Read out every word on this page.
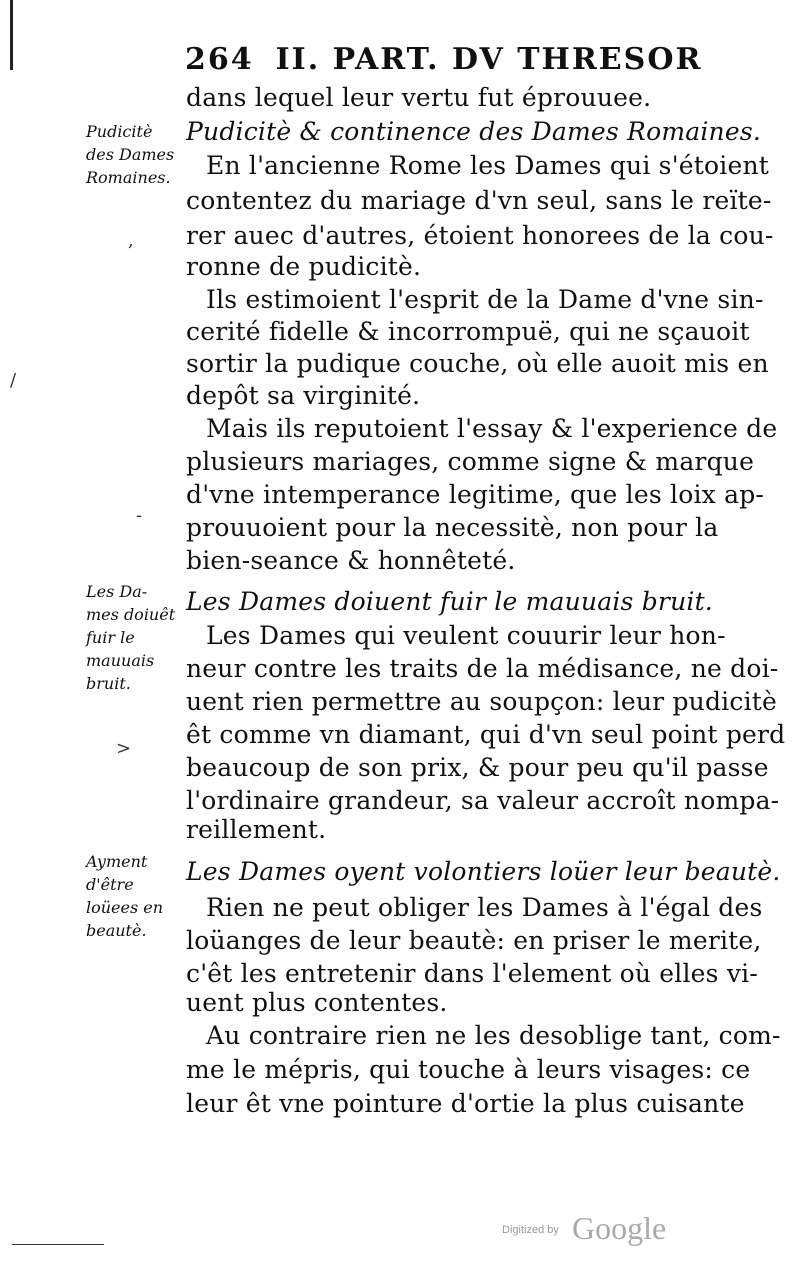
264 II. PART. DV THRESOR
dans lequel leur vertu fut éprouuee.
Pudicitè & continence des Dames Romaines.
En l'ancienne Rome les Dames qui s'étoient
contentez du mariage d'vn seul, sans le reïte-
rer auec d'autres, étoient honorees de la cou-
ronne de pudicitè.
Ils estimoient l'esprit de la Dame d'vne sin-
cerité fidelle & incorrompuë, qui ne sçauoit
sortir la pudique couche, où elle auoit mis en
depôt sa virginité.
Mais ils reputoient l'essay & l'experience de
plusieurs mariages, comme signe & marque
d'vne intemperance legitime, que les loix ap-
prouuoient pour la necessitè, non pour la
bien-seance & honnêteté.
Les Dames doiuent fuir le mauuais bruit.
Les Dames qui veulent couurir leur hon-
neur contre les traits de la médisance, ne doi-
uent rien permettre au soupçon: leur pudicitè
êt comme vn diamant, qui d'vn seul point perd
beaucoup de son prix, & pour peu qu'il passe
l'ordinaire grandeur, sa valeur accroît nompa-
reillement.
Les Dames oyent volontiers loüer leur beautè.
Rien ne peut obliger les Dames à l'égal des
loüanges de leur beautè: en priser le merite,
c'êt les entretenir dans l'element où elles vi-
uent plus contentes.
Au contraire rien ne les desoblige tant, com-
me le mépris, qui touche à leurs visages: ce
leur êt vne pointure d'ortie la plus cuisante
Pudicitè
des Dames
Romaines.
Les Da-
mes doiuêt
fuir le
mauuais
bruit.
Ayment
d'être
loüees en
beautè.
,
/
-
>
Digitized by Google
